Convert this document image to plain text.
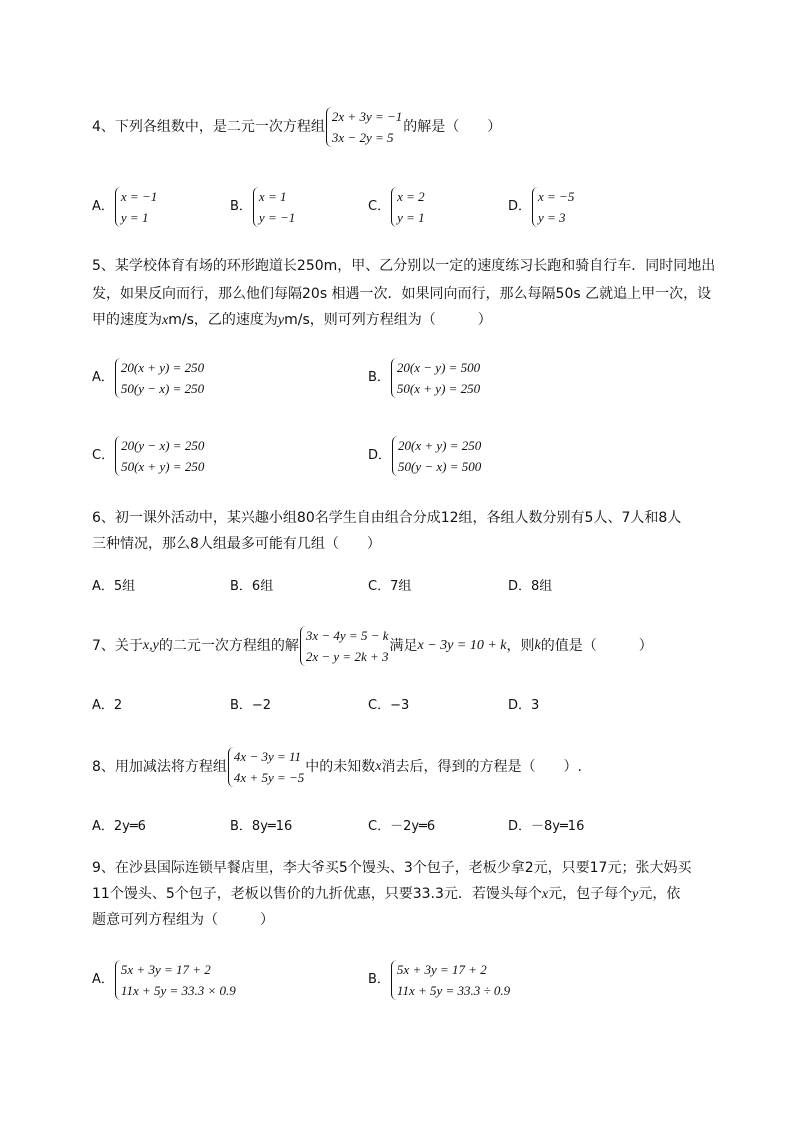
4、下列各组数中，是二元一次方程组
2x + 3y = −1
3x − 2y = 5
的解是（　　）
A．
x = −1
y = 1
B．
x = 1
y = −1
C．
x = 2
y = 1
D．
x = −5
y = 3
5、某学校体育有场的环形跑道长250m，甲、乙分别以一定的速度练习长跑和骑自行车．同时同地出
发，如果反向而行，那么他们每隔20s 相遇一次．如果同向而行，那么每隔50s 乙就追上甲一次，设
甲的速度为xm/s，乙的速度为ym/s，则可列方程组为（　　　）
A．
20(x + y) = 250
50(y − x) = 250
B．
20(x − y) = 500
50(x + y) = 250
C．
20(y − x) = 250
50(x + y) = 250
D．
20(x + y) = 250
50(y − x) = 500
6、初一课外活动中，某兴趣小组80名学生自由组合分成12组，各组人数分别有5人、7人和8人
三种情况，那么8人组最多可能有几组（　　）
A．5组	B．6组	C．7组	D．8组
7、关于x,y的二元一次方程组的解
3x − 4y = 5 − k
2x − y = 2k + 3
满足x − 3y = 10 + k，则k的值是（　　　）
A．2	B．−2	C．−3	D．3
8、用加减法将方程组
4x − 3y = 11
4x + 5y = −5
中的未知数x消去后，得到的方程是（　　）.
A．2y═6	B．8y═16	C．－2y═6	D．－8y═16
9、在沙县国际连锁早餐店里，李大爷买5个馒头、3个包子，老板少拿2元，只要17元；张大妈买
11个馒头、5个包子，老板以售价的九折优惠，只要33.3元．若馒头每个x元，包子每个y元，依
题意可列方程组为（　　　）
A．
5x + 3y = 17 + 2
11x + 5y = 33.3 × 0.9
B．
5x + 3y = 17 + 2
11x + 5y = 33.3 ÷ 0.9
